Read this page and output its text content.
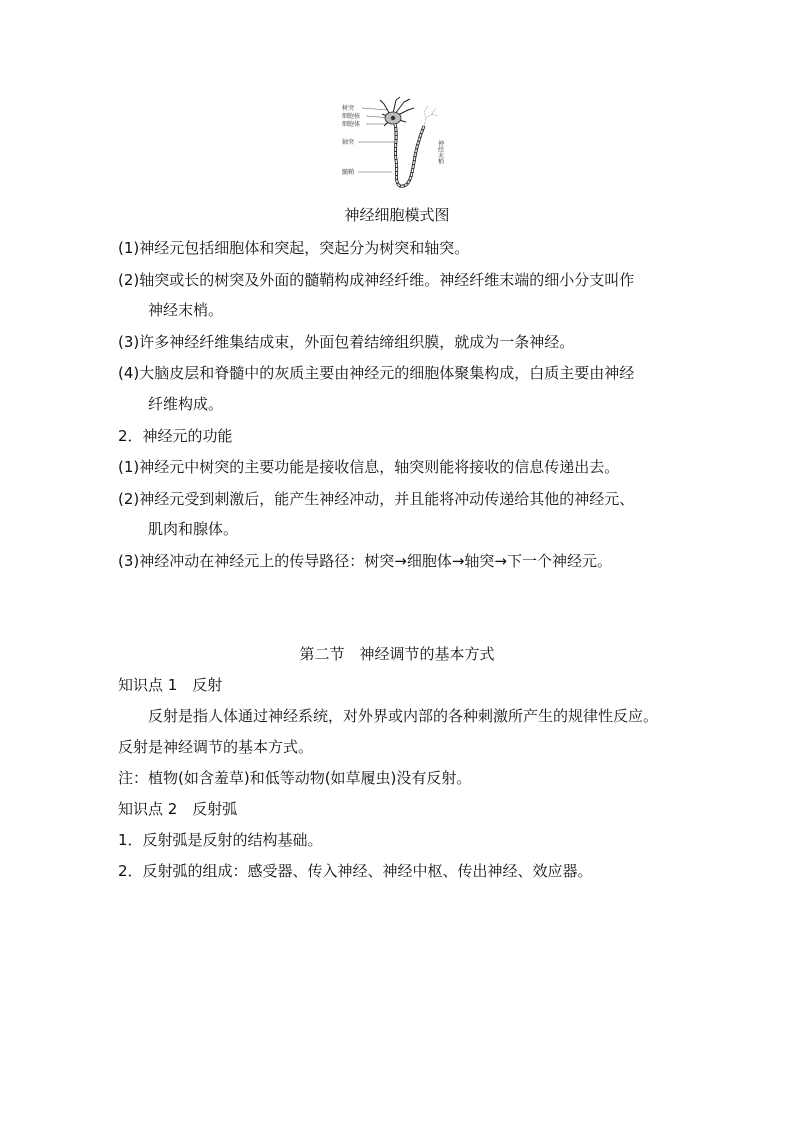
树突
细胞核
细胞体
轴突
髓鞘
神经末梢
神经细胞模式图
(1)神经元包括细胞体和突起，突起分为树突和轴突。
(2)轴突或长的树突及外面的髓鞘构成神经纤维。神经纤维末端的细小分支叫作
神经末梢。
(3)许多神经纤维集结成束，外面包着结缔组织膜，就成为一条神经。
(4)大脑皮层和脊髓中的灰质主要由神经元的细胞体聚集构成，白质主要由神经
纤维构成。
2．神经元的功能
(1)神经元中树突的主要功能是接收信息，轴突则能将接收的信息传递出去。
(2)神经元受到刺激后，能产生神经冲动，并且能将冲动传递给其他的神经元、
肌肉和腺体。
(3)神经冲动在神经元上的传导路径：树突→细胞体→轴突→下一个神经元。
第二节　神经调节的基本方式
知识点 1　反射
反射是指人体通过神经系统，对外界或内部的各种刺激所产生的规律性反应。
反射是神经调节的基本方式。
注：植物(如含羞草)和低等动物(如草履虫)没有反射。
知识点 2　反射弧
1．反射弧是反射的结构基础。
2．反射弧的组成：感受器、传入神经、神经中枢、传出神经、效应器。
